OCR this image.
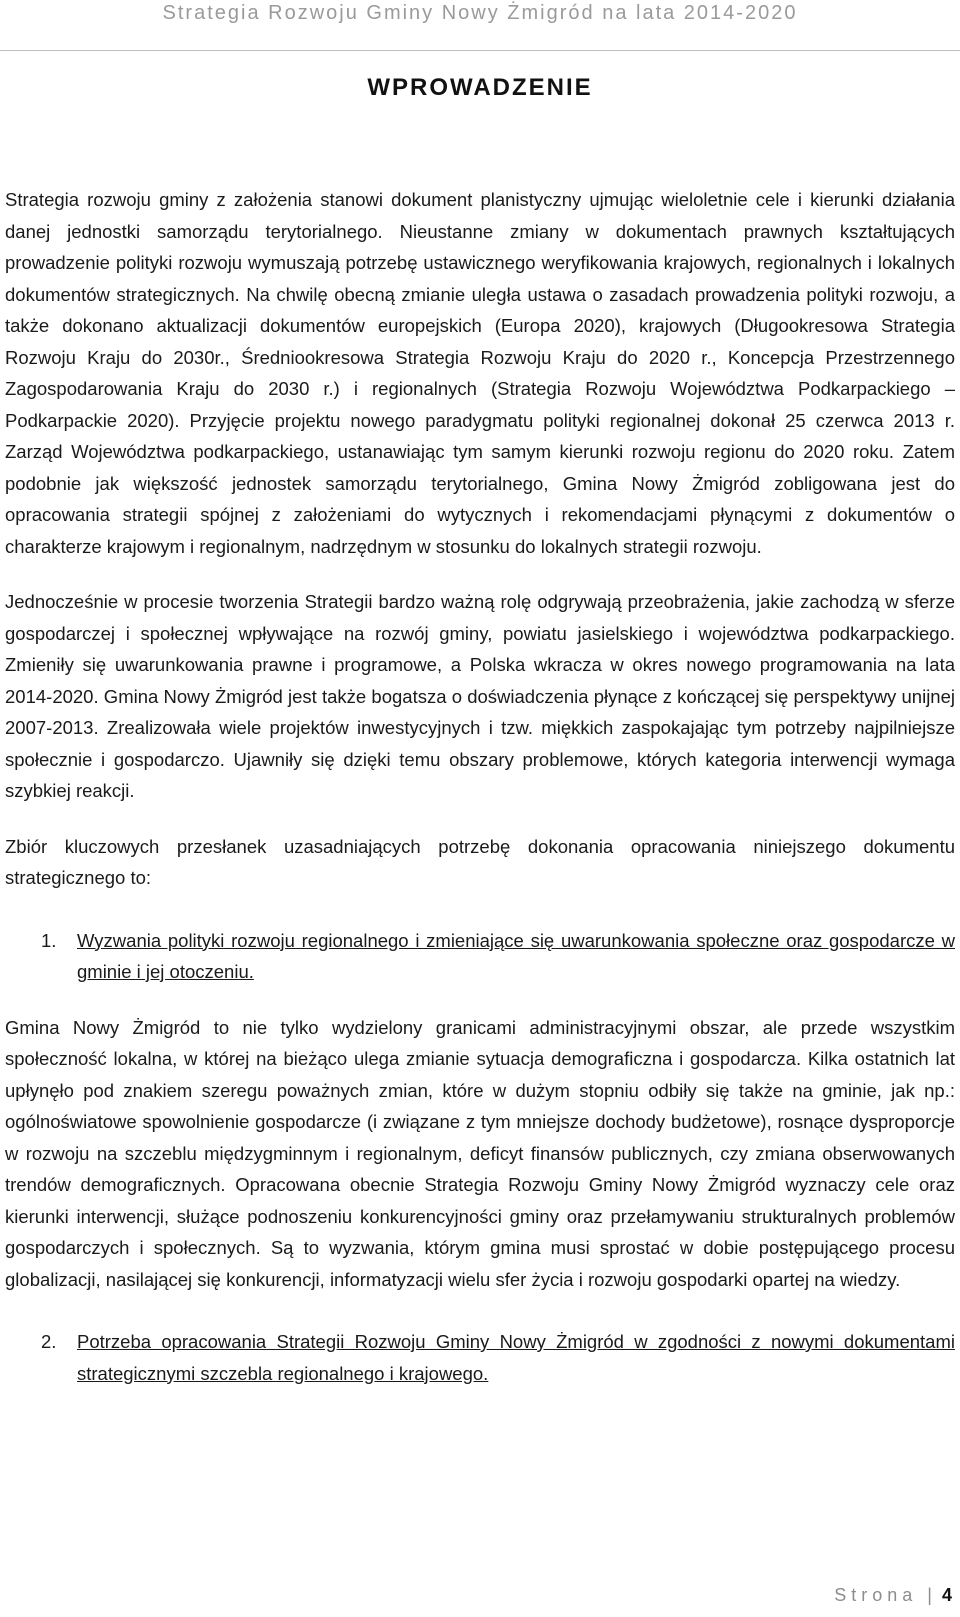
Strategia Rozwoju Gminy Nowy Żmigród na lata 2014-2020
WPROWADZENIE

Strategia rozwoju gminy z założenia stanowi dokument planistyczny ujmując wieloletnie cele i kierunki działania danej jednostki samorządu terytorialnego. Nieustanne zmiany w dokumentach prawnych kształtujących prowadzenie polityki rozwoju wymuszają potrzebę ustawicznego weryfikowania krajowych, regionalnych i lokalnych dokumentów strategicznych. Na chwilę obecną zmianie uległa ustawa o zasadach prowadzenia polityki rozwoju, a także dokonano aktualizacji dokumentów europejskich (Europa 2020), krajowych (Długookresowa Strategia Rozwoju Kraju do 2030r., Średniookresowa Strategia Rozwoju Kraju do 2020 r., Koncepcja Przestrzennego Zagospodarowania Kraju do 2030 r.) i regionalnych (Strategia Rozwoju Województwa Podkarpackiego – Podkarpackie 2020). Przyjęcie projektu nowego paradygmatu polityki regionalnej dokonał 25 czerwca 2013 r. Zarząd Województwa podkarpackiego, ustanawiając tym samym kierunki rozwoju regionu do 2020 roku. Zatem podobnie jak większość jednostek samorządu terytorialnego, Gmina Nowy Żmigród zobligowana jest do opracowania strategii spójnej z założeniami do wytycznych i rekomendacjami płynącymi z dokumentów o charakterze krajowym i regionalnym, nadrzędnym w stosunku do lokalnych strategii rozwoju.

Jednocześnie w procesie tworzenia Strategii bardzo ważną rolę odgrywają przeobrażenia, jakie zachodzą w sferze gospodarczej i społecznej wpływające na rozwój gminy, powiatu jasielskiego i województwa podkarpackiego. Zmieniły się uwarunkowania prawne i programowe, a Polska wkracza w okres nowego programowania na lata 2014-2020. Gmina Nowy Żmigród jest także bogatsza o doświadczenia płynące z kończącej się perspektywy unijnej 2007-2013. Zrealizowała wiele projektów inwestycyjnych i tzw. miękkich zaspokajając tym potrzeby najpilniejsze społecznie i gospodarczo. Ujawniły się dzięki temu obszary problemowe, których kategoria interwencji wymaga szybkiej reakcji.

Zbiór kluczowych przesłanek uzasadniających potrzebę dokonania opracowania niniejszego dokumentu strategicznego to:

1.	Wyzwania polityki rozwoju regionalnego i zmieniające się uwarunkowania społeczne oraz gospodarcze w gminie i jej otoczeniu.

Gmina Nowy Żmigród to nie tylko wydzielony granicami administracyjnymi obszar, ale przede wszystkim społeczność lokalna, w której na bieżąco ulega zmianie sytuacja demograficzna i gospodarcza. Kilka ostatnich lat upłynęło pod znakiem szeregu poważnych zmian, które w dużym stopniu odbiły się także na gminie, jak np.: ogólnoświatowe spowolnienie gospodarcze (i związane z tym mniejsze dochody budżetowe), rosnące dysproporcje w rozwoju na szczeblu międzygminnym i regionalnym, deficyt finansów publicznych, czy zmiana obserwowanych trendów demograficznych. Opracowana obecnie Strategia Rozwoju Gminy Nowy Żmigród wyznaczy cele oraz kierunki interwencji, służące podnoszeniu konkurencyjności gminy oraz przełamywaniu strukturalnych problemów gospodarczych i społecznych. Są to wyzwania, którym gmina musi sprostać w dobie postępującego procesu globalizacji, nasilającej się konkurencji, informatyzacji wielu sfer życia i rozwoju gospodarki opartej na wiedzy.

2.	Potrzeba opracowania Strategii Rozwoju Gminy Nowy Żmigród w zgodności z nowymi dokumentami strategicznymi szczebla regionalnego i krajowego.
Strona | 4
